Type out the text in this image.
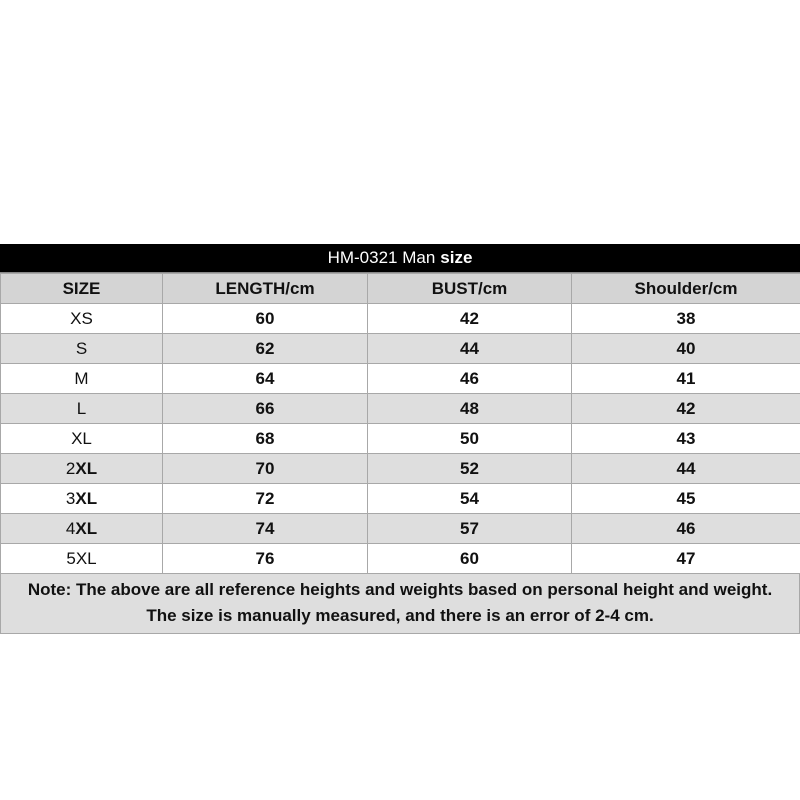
HM-0321 Man size
SIZE	LENGTH/cm	BUST/cm	Shoulder/cm
XS	60	42	38
S	62	44	40
M	64	46	41
L	66	48	42
XL	68	50	43
2XL	70	52	44
3XL	72	54	45
4XL	74	57	46
5XL	76	60	47
Note: The above are all reference heights and weights based on personal height and weight.
The size is manually measured, and there is an error of 2-4 cm.
